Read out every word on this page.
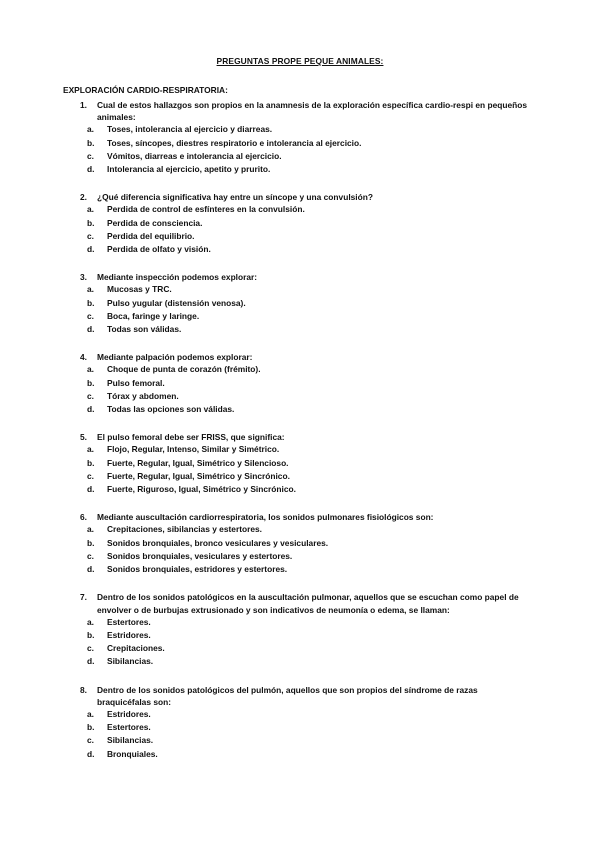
PREGUNTAS PROPE PEQUE ANIMALES:
EXPLORACIÓN CARDIO-RESPIRATORIA:
1.	Cual de estos hallazgos son propios en la anamnesis de la exploración específica cardio-respi en pequeños animales:
a.	Toses, intolerancia al ejercicio y diarreas.
b.	Toses, síncopes, diestres respiratorio e intolerancia al ejercicio.
c.	Vómitos, diarreas e intolerancia al ejercicio.
d.	Intolerancia al ejercicio, apetito y prurito.
2.	¿Qué diferencia significativa hay entre un síncope y una convulsión?
a.	Perdida de control de esfínteres en la convulsión.
b.	Perdida de consciencia.
c.	Perdida del equilibrio.
d.	Perdida de olfato y visión.
3.	Mediante inspección podemos explorar:
a.	Mucosas y TRC.
b.	Pulso yugular (distensión venosa).
c.	Boca, faringe y laringe.
d.	Todas son válidas.
4.	Mediante palpación podemos explorar:
a.	Choque de punta de corazón (frémito).
b.	Pulso femoral.
c.	Tórax y abdomen.
d.	Todas las opciones son válidas.
5.	El pulso femoral debe ser FRISS, que significa:
a.	Flojo, Regular, Intenso, Similar y Simétrico.
b.	Fuerte, Regular, Igual, Simétrico y Silencioso.
c.	Fuerte, Regular, Igual, Simétrico y Sincrónico.
d.	Fuerte, Riguroso, Igual, Simétrico y Sincrónico.
6.	Mediante auscultación cardiorrespiratoria, los sonidos pulmonares fisiológicos son:
a.	Crepitaciones, sibilancias y estertores.
b.	Sonidos bronquiales, bronco vesiculares y vesiculares.
c.	Sonidos bronquiales, vesiculares y estertores.
d.	Sonidos bronquiales, estridores y estertores.
7.	Dentro de los sonidos patológicos en la auscultación pulmonar, aquellos que se escuchan como papel de envolver o de burbujas extrusionado y son indicativos de neumonía o edema, se llaman:
a.	Estertores.
b.	Estridores.
c.	Crepitaciones.
d.	Sibilancias.
8.	Dentro de los sonidos patológicos del pulmón, aquellos que son propios del síndrome de razas braquicéfalas son:
a.	Estridores.
b.	Estertores.
c.	Sibilancias.
d.	Bronquiales.
